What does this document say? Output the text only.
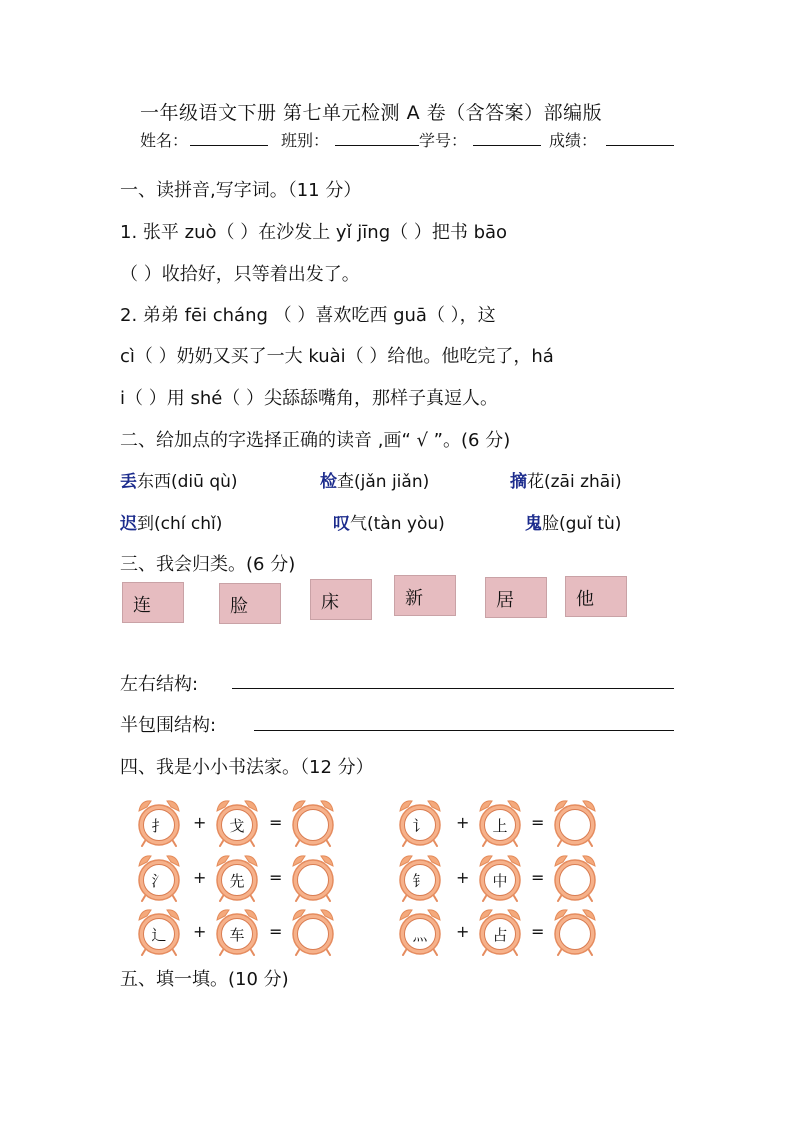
一年级语文下册 第七单元检测 A 卷（含答案）部编版
姓名：	班别：	学号：	成绩：
一、读拼音,写字词。（11 分）
1. 张平 zuò（ ）在沙发上 yǐ jīng（ ）把书 bāo
（ ）收拾好，只等着出发了。
2. 弟弟 fēi cháng （ ）喜欢吃西 guā（ ），这
cì（ ）奶奶又买了一大 kuài（ ）给他。他吃完了，há
i（ ）用 shé（ ）尖舔舔嘴角，那样子真逗人。
二、给加点的字选择正确的读音 ,画“ √ ”。(6 分)
丢东西(diū qù)	检查(jǎn jiǎn)	摘花(zāi zhāi)
迟到(chí chǐ)	叹气(tàn yòu)	鬼脸(guǐ tù)
三、我会归类。(6 分)
连	脸	床	新	居	他
左右结构:
半包围结构:
四、我是小小书法家。（12 分）
扌	+	戈	=
氵	+	先	=
辶	+	车	=
讠	+	上	=
钅	+	中	=
灬	+	占	=
五、填一填。(10 分)
